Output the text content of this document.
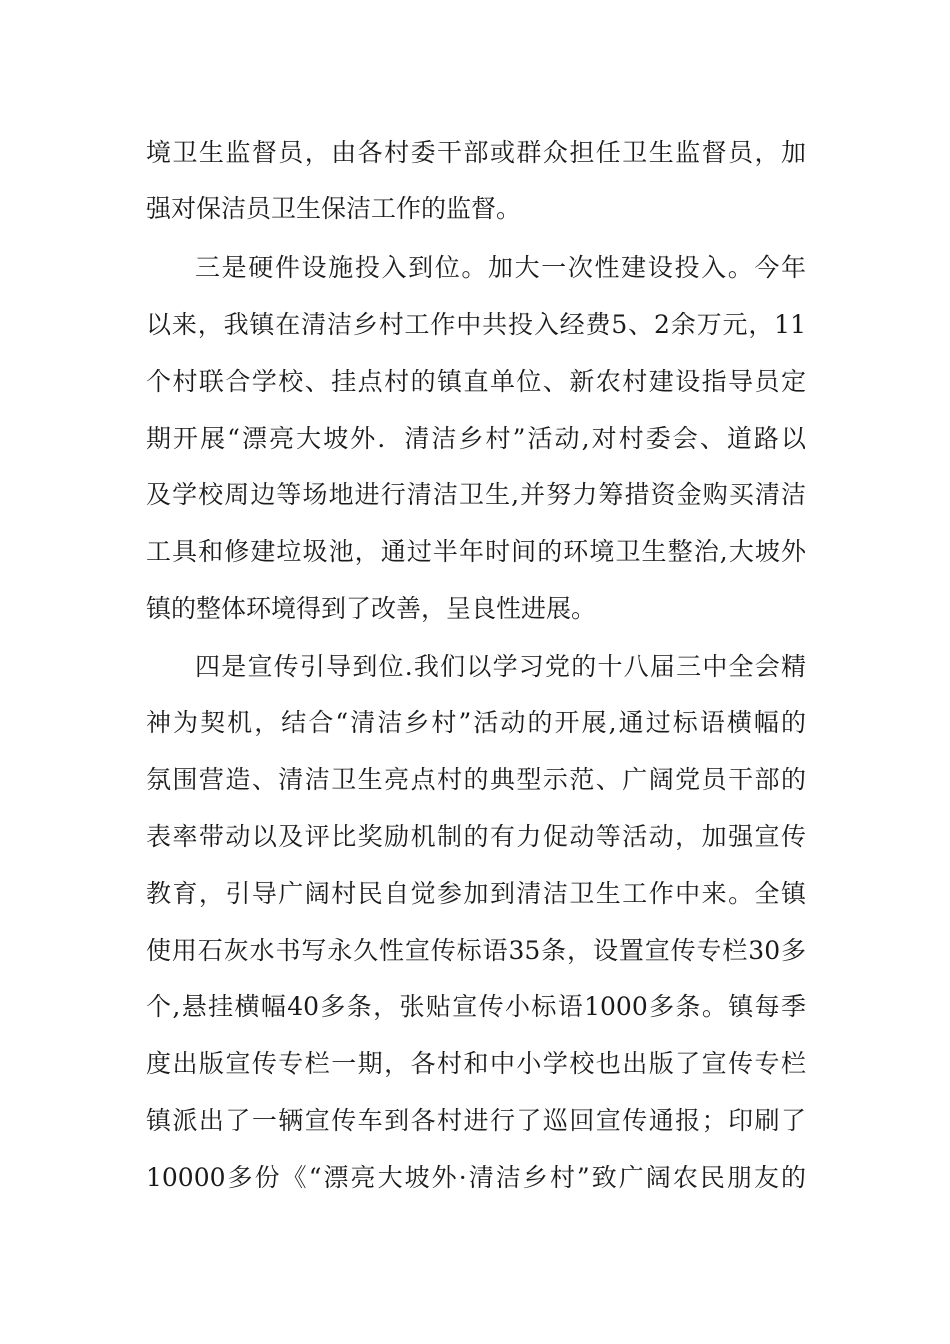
境卫生监督员，由各村委干部或群众担任卫生监督员，加
强对保洁员卫生保洁工作的监督。
三是硬件设施投入到位。加大一次性建设投入。今年
以来，我镇在清洁乡村工作中共投入经费5、2余万元，11
个村联合学校、挂点村的镇直单位、新农村建设指导员定
期开展“漂亮大坡外．清洁乡村”活动,对村委会、道路以
及学校周边等场地进行清洁卫生,并努力筹措资金购买清洁
工具和修建垃圾池，通过半年时间的环境卫生整治,大坡外
镇的整体环境得到了改善，呈良性进展。
四是宣传引导到位.我们以学习党的十八届三中全会精
神为契机，结合“清洁乡村”活动的开展,通过标语横幅的
氛围营造、清洁卫生亮点村的典型示范、广阔党员干部的
表率带动以及评比奖励机制的有力促动等活动，加强宣传
教育，引导广阔村民自觉参加到清洁卫生工作中来。全镇
使用石灰水书写永久性宣传标语35条，设置宣传专栏30多
个,悬挂横幅40多条，张贴宣传小标语1000多条。镇每季
度出版宣传专栏一期，各村和中小学校也出版了宣传专栏
镇派出了一辆宣传车到各村进行了巡回宣传通报；印刷了
10000多份《“漂亮大坡外·清洁乡村”致广阔农民朋友的
